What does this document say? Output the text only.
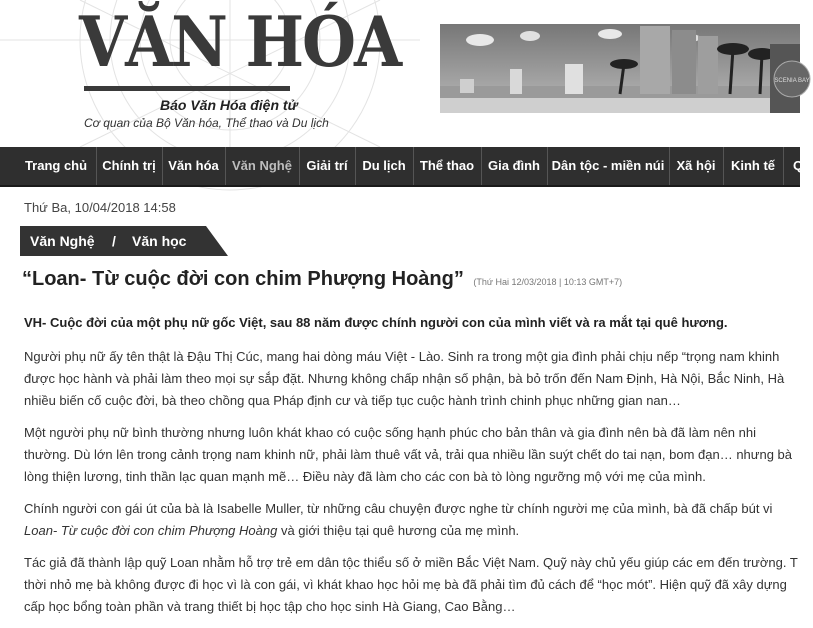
VĂN HÓA
Báo Văn Hóa điện tử
Cơ quan của Bộ Văn hóa, Thể thao và Du lịch
SCENIA BAY
Trang chủ	Chính trị Văn hóa	Văn Nghệ	Giải trí	Du lịch	Thể thao	Gia đình Dân tộc - miền núi Xã hội	Kinh tế	Q
Thứ Ba, 10/04/2018 14:58
Văn Nghệ / Văn học
“Loan- Từ cuộc đời con chim Phượng Hoàng” (Thứ Hai 12/03/2018 | 10:13 GMT+7)

VH- Cuộc đời của một phụ nữ gốc Việt, sau 88 năm được chính người con của mình viết và ra mắt tại quê hương.

Người phụ nữ ấy tên thật là Đậu Thị Cúc, mang hai dòng máu Việt - Lào. Sinh ra trong một gia đình phải chịu nếp “trọng nam khinh
được học hành và phải làm theo mọi sự sắp đặt. Nhưng không chấp nhận số phận, bà bỏ trốn đến Nam Định, Hà Nội, Bắc Ninh, Hà
nhiều biến cố cuộc đời, bà theo chồng qua Pháp định cư và tiếp tục cuộc hành trình chinh phục những gian nan…

Một người phụ nữ bình thường nhưng luôn khát khao có cuộc sống hạnh phúc cho bản thân và gia đình nên bà đã làm nên nhi
thường. Dù lớn lên trong cảnh trọng nam khinh nữ, phải làm thuê vất vả, trải qua nhiều lần suýt chết do tai nạn, bom đạn… nhưng bà
lòng thiện lương, tinh thần lạc quan mạnh mẽ… Điều này đã làm cho các con bà tò lòng ngưỡng mộ với mẹ của mình.

Chính người con gái út của bà là Isabelle Muller, từ những câu chuyện được nghe từ chính người mẹ của mình, bà đã chấp bút vi
Loan- Từ cuộc đời con chim Phượng Hoàng và giới thiệu tại quê hương của mẹ mình.

Tác giả đã thành lập quỹ Loan nhằm hỗ trợ trẻ em dân tộc thiểu số ở miền Bắc Việt Nam. Quỹ này chủ yếu giúp các em đến trường. T
thời nhỏ mẹ bà không được đi học vì là con gái, vì khát khao học hỏi mẹ bà đã phải tìm đủ cách để “học mót”. Hiện quỹ đã xây dựng
cấp học bổng toàn phần và trang thiết bị học tập cho học sinh Hà Giang, Cao Bằng…
